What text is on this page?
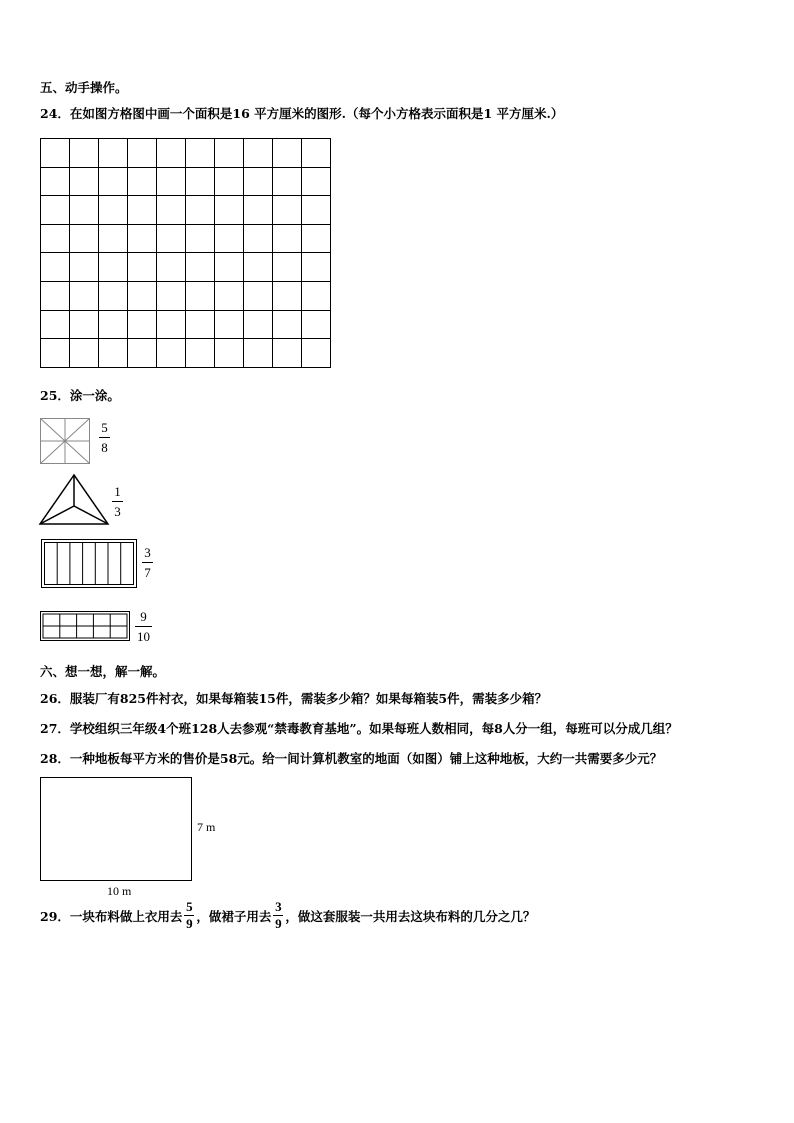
五、动手操作。
24．在如图方格图中画一个面积是16 平方厘米的图形.（每个小方格表示面积是1 平方厘米.）
25．涂一涂。
5
8
1
3
3
7
9
10
六、想一想，解一解。
26．服装厂有825件衬衣，如果每箱装15件，需装多少箱？如果每箱装5件，需装多少箱？
27．学校组织三年级4个班128人去参观“禁毒教育基地”。如果每班人数相同，每8人分一组，每班可以分成几组？
28．一种地板每平方米的售价是58元。给一间计算机教室的地面（如图）铺上这种地板，大约一共需要多少元？
7 m
10 m
29．一块布料做上衣用去
5
9 ，做裙子用去
3
9 ，做这套服装一共用去这块布料的几分之几？
